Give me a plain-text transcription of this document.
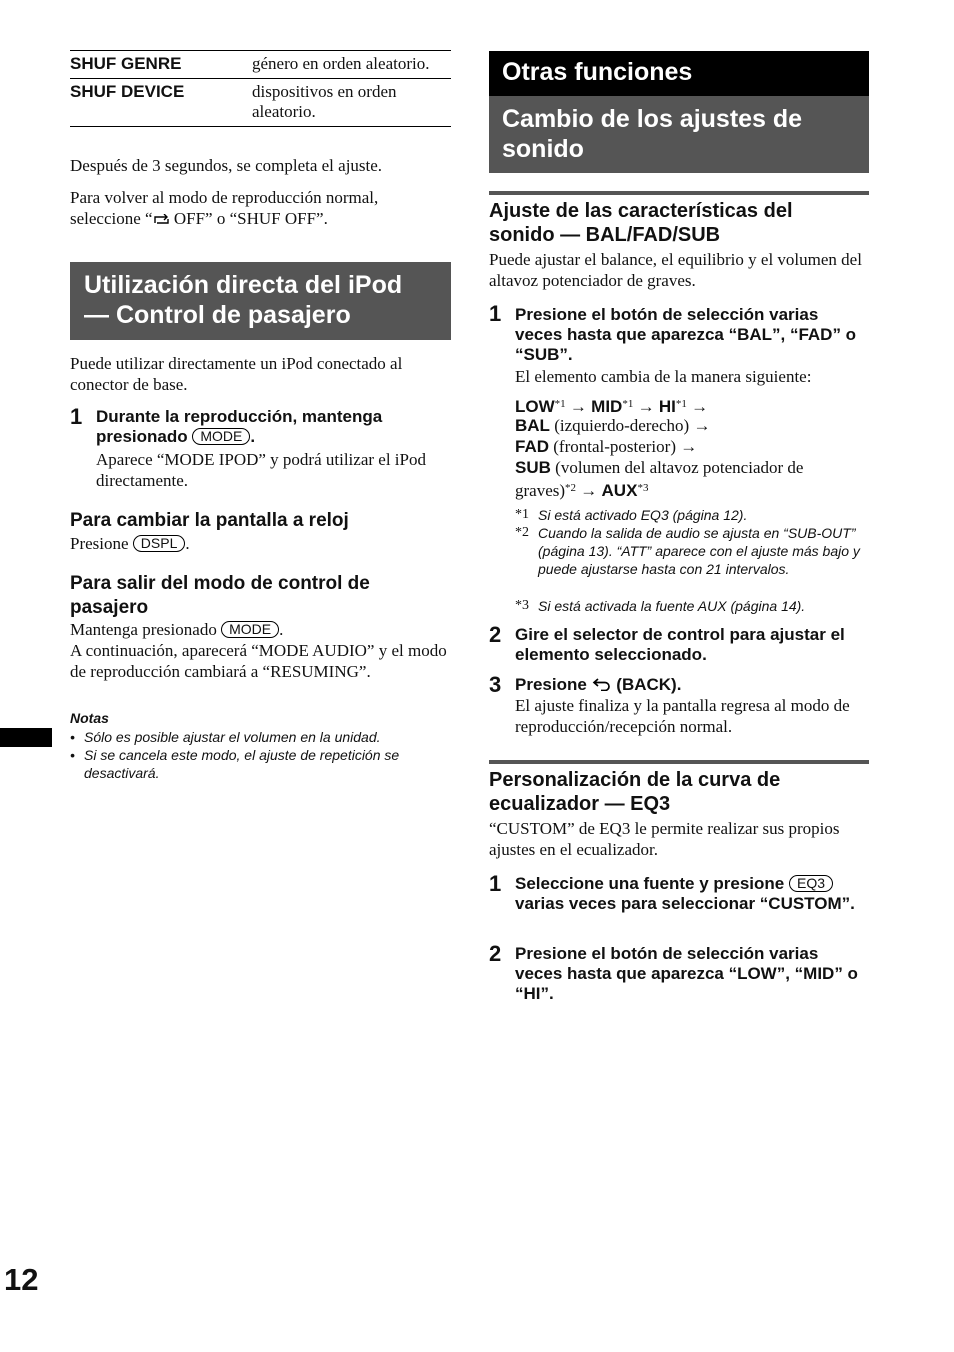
SHUF GENRE	género en orden aleatorio.
SHUF DEVICE	dispositivos en orden aleatorio.

Después de 3 segundos, se completa el ajuste.

Para volver al modo de reproducción normal, seleccione “ OFF” o “SHUF OFF”.

Utilización directa del iPod
— Control de pasajero

Puede utilizar directamente un iPod conectado al conector de base.

1 Durante la reproducción, mantenga presionado MODE .
Aparece “MODE IPOD” y podrá utilizar el iPod directamente.
Para cambiar la pantalla a reloj

Presione DSPL .

Para salir del modo de control de
pasajero

Mantenga presionado MODE .

A continuación, aparecerá “MODE AUDIO” y el modo de reproducción cambiará a “RESUMING”.

Notas
• Sólo es posible ajustar el volumen en la unidad.
• Si se cancela este modo, el ajuste de repetición se desactivará.
Otras funciones
Cambio de los ajustes de
sonido
Ajuste de las características del
sonido — BAL/FAD/SUB

Puede ajustar el balance, el equilibrio y el volumen del altavoz potenciador de graves.

1 Presione el botón de selección varias veces hasta que aparezca “BAL”, “FAD” o “SUB”.
El elemento cambia de la manera siguiente:
$LOW^{*1} \to MID^{*1} \to HI^{*1}$ →
BAL (izquierdo-derecho) →
FAD (frontal-posterior) →
SUB (volumen del altavoz potenciador de
graves)$^{*2}$ → $AUX^{*3}$
*1 Si está activado EQ3 (página 12).
*2 Cuando la salida de audio se ajusta en “SUB-OUT” (página 13). “ATT” aparece con el ajuste más bajo y puede ajustarse hasta con 21 intervalos.
*3 Si está activada la fuente AUX (página 14).
2 Gire el selector de control para ajustar el elemento seleccionado.
3 Presione (BACK).
El ajuste finaliza y la pantalla regresa al modo de reproducción/recepción normal.
Personalización de la curva de
ecualizador — EQ3

“CUSTOM” de EQ3 le permite realizar sus propios ajustes en el ecualizador.

1 Seleccione una fuente y presione EQ3 varias veces para seleccionar “CUSTOM”.
2 Presione el botón de selección varias veces hasta que aparezca “LOW”, “MID” o “HI”.
12
